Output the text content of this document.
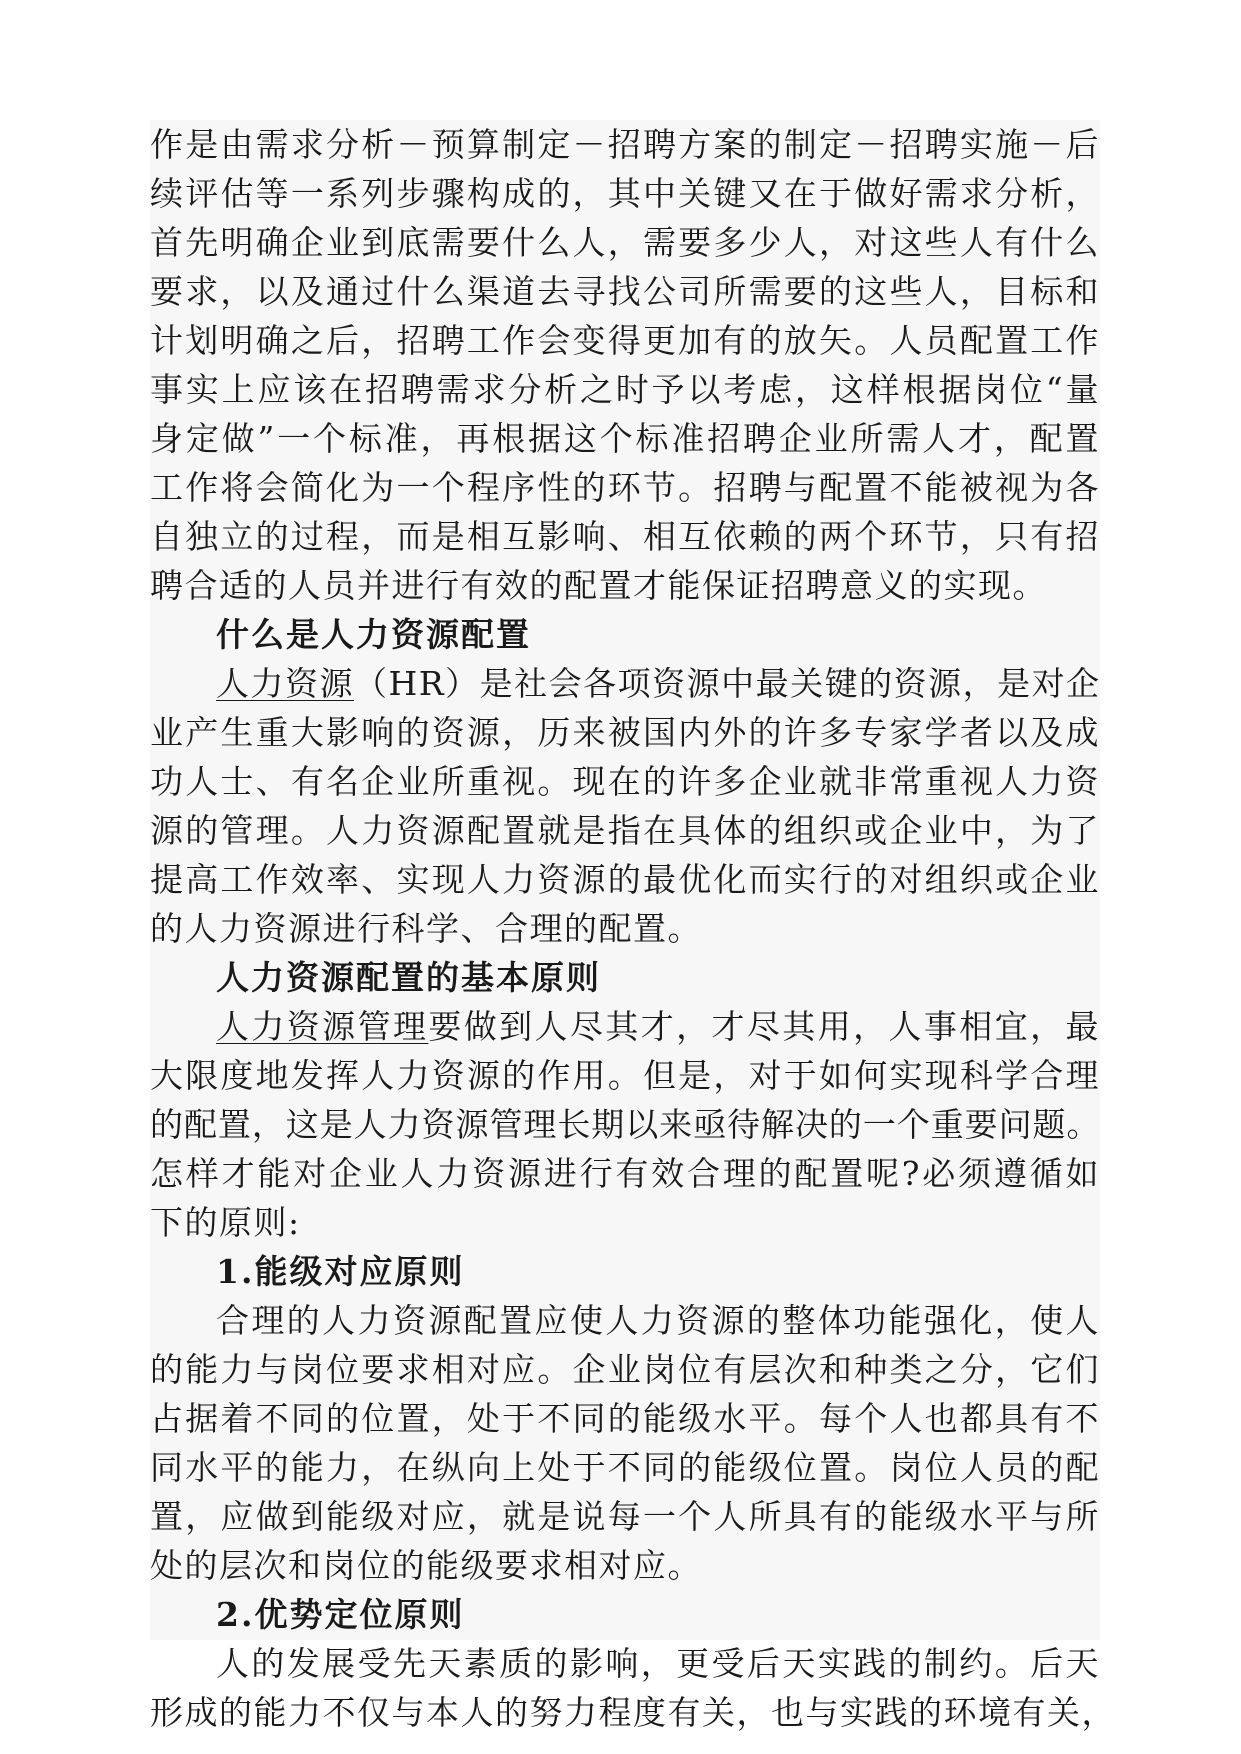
作是由需求分析－预算制定－招聘方案的制定－招聘实施－后
续评估等一系列步骤构成的，其中关键又在于做好需求分析，
首先明确企业到底需要什么人，需要多少人，对这些人有什么
要求，以及通过什么渠道去寻找公司所需要的这些人，目标和
计划明确之后，招聘工作会变得更加有的放矢。人员配置工作
事实上应该在招聘需求分析之时予以考虑，这样根据岗位“量
身定做”一个标准，再根据这个标准招聘企业所需人才，配置
工作将会简化为一个程序性的环节。招聘与配置不能被视为各
自独立的过程，而是相互影响、相互依赖的两个环节，只有招
聘合适的人员并进行有效的配置才能保证招聘意义的实现。
什么是人力资源配置
人力资源（HR）是社会各项资源中最关键的资源，是对企
业产生重大影响的资源，历来被国内外的许多专家学者以及成
功人士、有名企业所重视。现在的许多企业就非常重视人力资
源的管理。人力资源配置就是指在具体的组织或企业中，为了
提高工作效率、实现人力资源的最优化而实行的对组织或企业
的人力资源进行科学、合理的配置。
人力资源配置的基本原则
人力资源管理要做到人尽其才，才尽其用，人事相宜，最
大限度地发挥人力资源的作用。但是，对于如何实现科学合理
的配置，这是人力资源管理长期以来亟待解决的一个重要问题。
怎样才能对企业人力资源进行有效合理的配置呢?必须遵循如
下的原则:
1.能级对应原则
合理的人力资源配置应使人力资源的整体功能强化，使人
的能力与岗位要求相对应。企业岗位有层次和种类之分，它们
占据着不同的位置，处于不同的能级水平。每个人也都具有不
同水平的能力，在纵向上处于不同的能级位置。岗位人员的配
置，应做到能级对应，就是说每一个人所具有的能级水平与所
处的层次和岗位的能级要求相对应。
2.优势定位原则
人的发展受先天素质的影响，更受后天实践的制约。后天
形成的能力不仅与本人的努力程度有关，也与实践的环境有关，
